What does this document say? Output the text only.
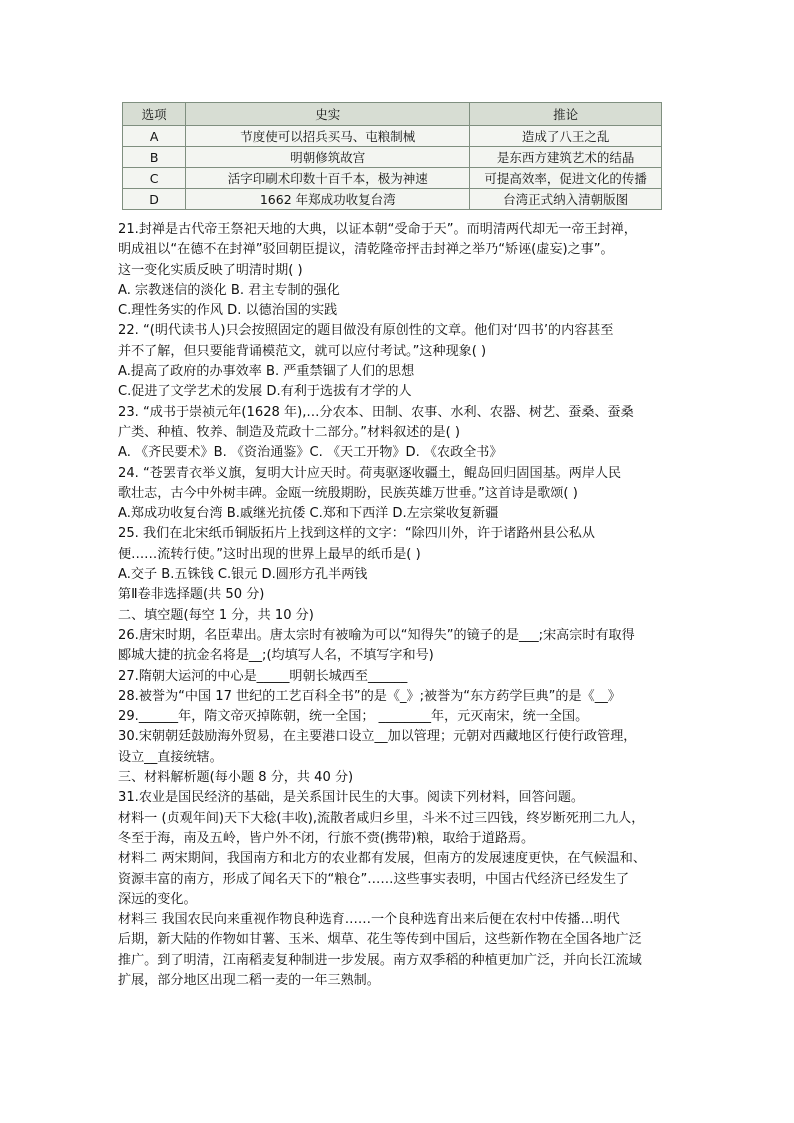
选项	史实	推论
A	节度使可以招兵买马、屯粮制械	造成了八王之乱
B	明朝修筑故宫	是东西方建筑艺术的结晶
C	活字印刷术印数十百千本，极为神速	可提高效率，促进文化的传播
D	1662 年郑成功收复台湾	台湾正式纳入清朝版图
21.封禅是古代帝王祭祀天地的大典，以证本朝“受命于天”。而明清两代却无一帝王封禅，
明成祖以“在德不在封禅”驳回朝臣提议，清乾隆帝抨击封禅之举乃“矫诬(虚妄)之事”。
这一变化实质反映了明清时期( )
A. 宗教迷信的淡化 B. 君主专制的强化
C.理性务实的作风 D. 以德治国的实践
22. “(明代读书人)只会按照固定的题目做没有原创性的文章。他们对‘四书’的内容甚至
并不了解，但只要能背诵模范文，就可以应付考试。”这种现象( )
A.提高了政府的办事效率 B. 严重禁锢了人们的思想
C.促进了文学艺术的发展 D.有利于选拔有才学的人
23. “成书于崇祯元年(1628 年),…分农本、田制、农事、水利、农器、树艺、蚕桑、蚕桑
广类、种植、牧养、制造及荒政十二部分。”材料叙述的是( )
A. 《齐民要术》B. 《资治通鉴》C. 《天工开物》D. 《农政全书》
24. “苍罢青衣举义旗，复明大计应天时。荷夷驱逐收疆土，鲲岛回归固国基。两岸人民
歌壮志，古今中外树丰碑。金瓯一统殷期盼，民族英雄万世垂。”这首诗是歌颂( )
A.郑成功收复台湾 B.戚继光抗倭 C.郑和下西洋 D.左宗棠收复新疆
25. 我们在北宋纸币铜版拓片上找到这样的文字：“除四川外，许于诸路州县公私从
便……流转行使。”这时出现的世界上最早的纸币是( )
A.交子 B.五铢钱 C.银元 D.圆形方孔半两钱
第Ⅱ卷非选择题(共 50 分)
二、填空题(每空 1 分，共 10 分)
26.唐宋时期，名臣辈出。唐太宗时有被喻为可以“知得失”的镜子的是___;宋高宗时有取得
郾城大捷的抗金名将是__;(均填写人名，不填写字和号)
27.隋朝大运河的中心是_____明朝长城西至______
28.被誉为“中国 17 世纪的工艺百科全书”的是《_》;被誉为“东方药学巨典”的是《__》
29.______年，隋文帝灭掉陈朝，统一全国； ________年，元灭南宋，统一全国。
30.宋朝朝廷鼓励海外贸易，在主要港口设立__加以管理；元朝对西藏地区行使行政管理，
设立__直接统辖。
三、材料解析题(每小题 8 分，共 40 分)
31.农业是国民经济的基础，是关系国计民生的大事。阅读下列材料，回答问题。
材料一 (贞观年间)天下大稔(丰收),流散者咸归乡里，斗米不过三四钱，终岁断死刑二九人，
冬至于海，南及五岭，皆户外不闭，行旅不赍(携带)粮，取给于道路焉。
材料二 两宋期间，我国南方和北方的农业都有发展，但南方的发展速度更快，在气候温和、
资源丰富的南方，形成了闻名天下的“粮仓”……这些事实表明，中国古代经济已经发生了
深远的变化。
材料三 我国农民向来重视作物良种选育……一个良种选育出来后便在农村中传播…明代
后期，新大陆的作物如甘薯、玉米、烟草、花生等传到中国后，这些新作物在全国各地广泛
推广。到了明清，江南稻麦复种制进一步发展。南方双季稻的种植更加广泛，并向长江流域
扩展，部分地区出现二稻一麦的一年三熟制。
